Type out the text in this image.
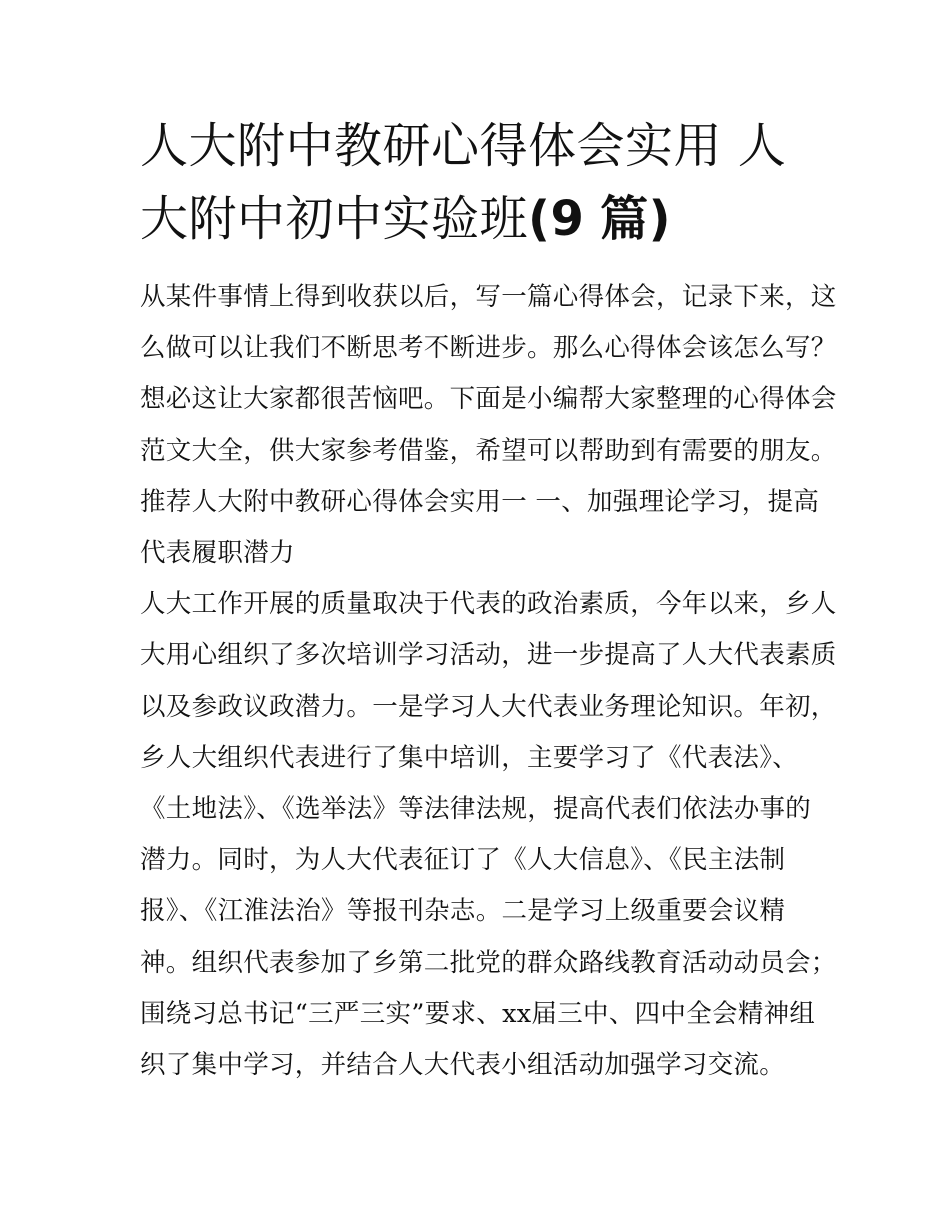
人大附中教研心得体会实用 人
大附中初中实验班(9 篇)
从某件事情上得到收获以后，写一篇心得体会，记录下来，这
么做可以让我们不断思考不断进步。那么心得体会该怎么写？
想必这让大家都很苦恼吧。下面是小编帮大家整理的心得体会
范文大全，供大家参考借鉴，希望可以帮助到有需要的朋友。
推荐人大附中教研心得体会实用一 一、加强理论学习，提高
代表履职潜力
人大工作开展的质量取决于代表的政治素质，今年以来，乡人
大用心组织了多次培训学习活动，进一步提高了人大代表素质
以及参政议政潜力。一是学习人大代表业务理论知识。年初，
乡人大组织代表进行了集中培训，主要学习了《代表法》、
《土地法》、《选举法》等法律法规，提高代表们依法办事的
潜力。同时，为人大代表征订了《人大信息》、《民主法制
报》、《江淮法治》等报刊杂志。二是学习上级重要会议精
神。组织代表参加了乡第二批党的群众路线教育活动动员会；
围绕习总书记“三严三实”要求、xx届三中、四中全会精神组
织了集中学习，并结合人大代表小组活动加强学习交流。
